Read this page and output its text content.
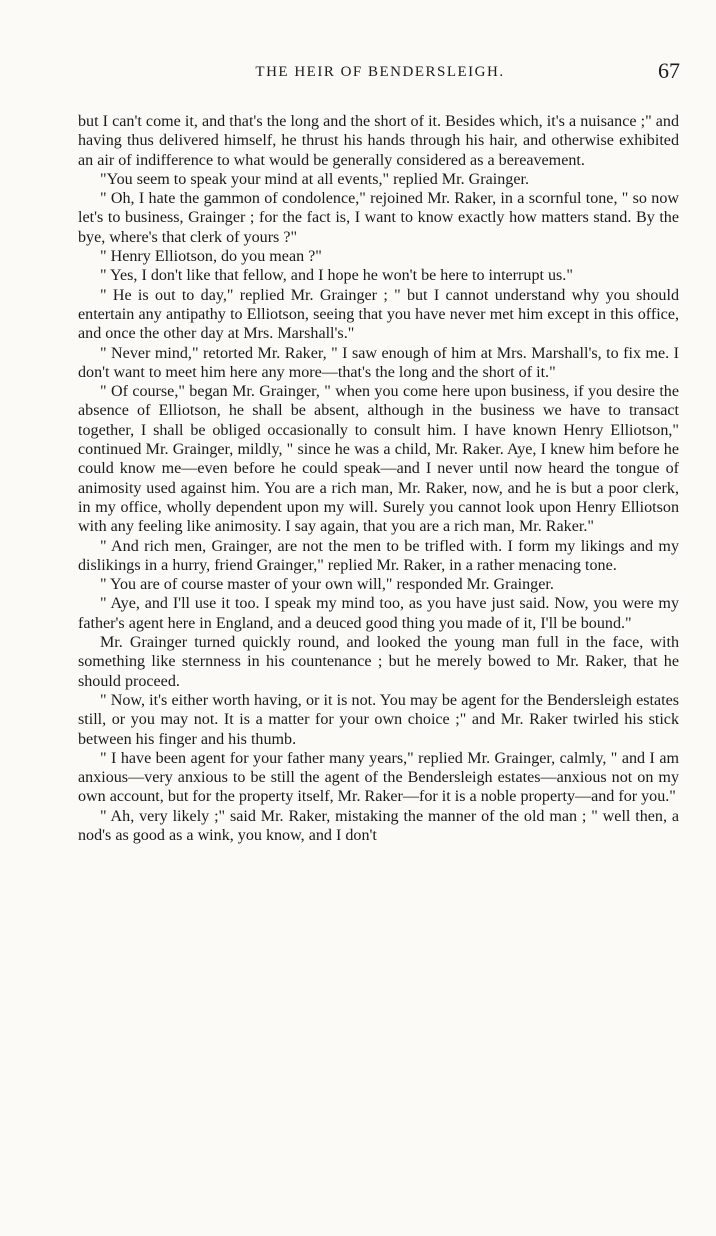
THE HEIR OF BENDERSLEIGH.	67

but I can't come it, and that's the long and the short of it. Besides which, it's a nuisance ;" and having thus delivered himself, he thrust his hands through his hair, and otherwise exhibited an air of indifference to what would be generally considered as a bereavement.

"You seem to speak your mind at all events," replied Mr. Grainger.

" Oh, I hate the gammon of condolence," rejoined Mr. Raker, in a scornful tone, " so now let's to business, Grainger ; for the fact is, I want to know exactly how matters stand. By the bye, where's that clerk of yours ?"

" Henry Elliotson, do you mean ?"

" Yes, I don't like that fellow, and I hope he won't be here to interrupt us."

" He is out to day," replied Mr. Grainger ; " but I cannot understand why you should entertain any antipathy to Elliotson, seeing that you have never met him except in this office, and once the other day at Mrs. Marshall's."

" Never mind," retorted Mr. Raker, " I saw enough of him at Mrs. Marshall's, to fix me. I don't want to meet him here any more—that's the long and the short of it."

" Of course," began Mr. Grainger, " when you come here upon business, if you desire the absence of Elliotson, he shall be absent, although in the business we have to transact together, I shall be obliged occasionally to consult him. I have known Henry Elliotson," continued Mr. Grainger, mildly, " since he was a child, Mr. Raker. Aye, I knew him before he could know me—even before he could speak—and I never until now heard the tongue of animosity used against him. You are a rich man, Mr. Raker, now, and he is but a poor clerk, in my office, wholly dependent upon my will. Surely you cannot look upon Henry Elliotson with any feeling like animosity. I say again, that you are a rich man, Mr. Raker."

" And rich men, Grainger, are not the men to be trifled with. I form my likings and my dislikings in a hurry, friend Grainger," replied Mr. Raker, in a rather menacing tone.

" You are of course master of your own will," responded Mr. Grainger.

" Aye, and I'll use it too. I speak my mind too, as you have just said. Now, you were my father's agent here in England, and a deuced good thing you made of it, I'll be bound."

Mr. Grainger turned quickly round, and looked the young man full in the face, with something like sternness in his countenance ; but he merely bowed to Mr. Raker, that he should proceed.

" Now, it's either worth having, or it is not. You may be agent for the Bendersleigh estates still, or you may not. It is a matter for your own choice ;" and Mr. Raker twirled his stick between his finger and his thumb.

" I have been agent for your father many years," replied Mr. Grainger, calmly, " and I am anxious—very anxious to be still the agent of the Bendersleigh estates—anxious not on my own account, but for the property itself, Mr. Raker—for it is a noble property—and for you."

" Ah, very likely ;" said Mr. Raker, mistaking the manner of the old man ; " well then, a nod's as good as a wink, you know, and I don't
